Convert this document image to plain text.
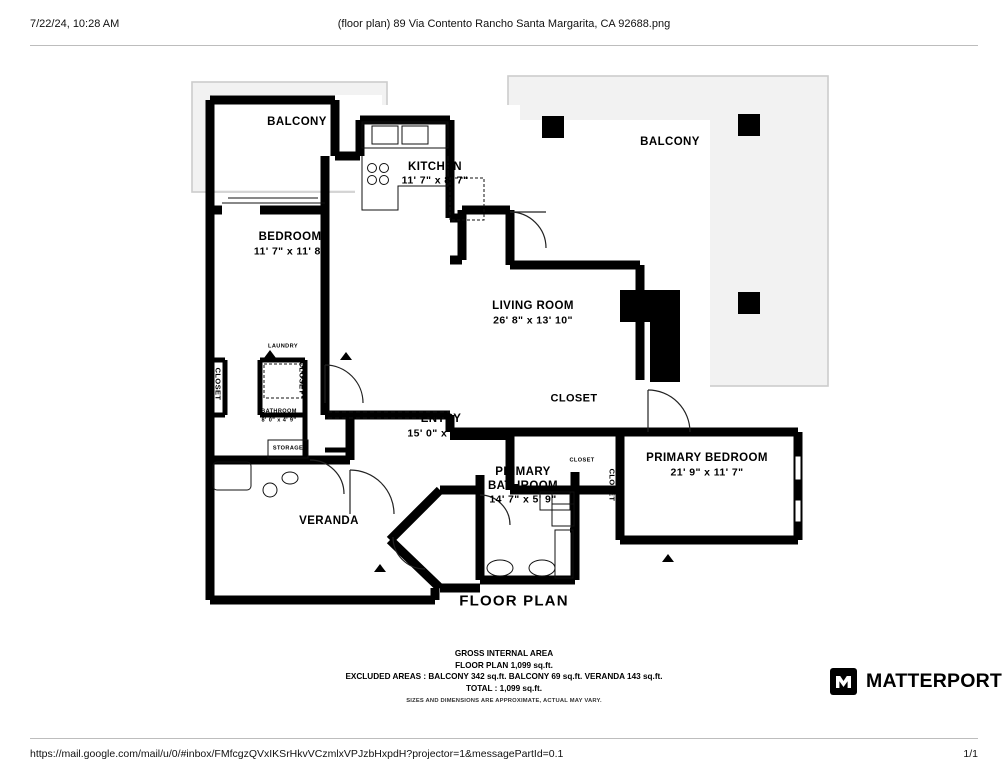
7/22/24, 10:28 AM	(floor plan) 89 Via Contento Rancho Santa Margarita, CA 92688.png
BALCONY
BALCONY
KITCHEN
11' 7" x 8' 7"
BEDROOM
11' 7" x 11' 8"
LIVING ROOM
26' 8" x 13' 10"
ENTRY
15' 0" x 8' 7"
PRIMARY BEDROOM
21' 9" x 11' 7"
PRIMARY
BATHROOM
14' 7" x 5' 9"
VERANDA
CLOSET
CLOSET	CLOSET
CLOSET
CLOSET
BATHROOM
8' 0" x 4' 9"
LAUNDRY
STORAGE
FLOOR PLAN
GROSS INTERNAL AREA
FLOOR PLAN 1,099 sq.ft.
EXCLUDED AREAS : BALCONY 342 sq.ft. BALCONY 69 sq.ft. VERANDA 143 sq.ft.
TOTAL : 1,099 sq.ft.
SIZES AND DIMENSIONS ARE APPROXIMATE, ACTUAL MAY VARY.
MATTERPORT
https://mail.google.com/mail/u/0/#inbox/FMfcgzQVxIKSrHkvVCzmlxVPJzbHxpdH?projector=1&messagePartId=0.1	1/1
